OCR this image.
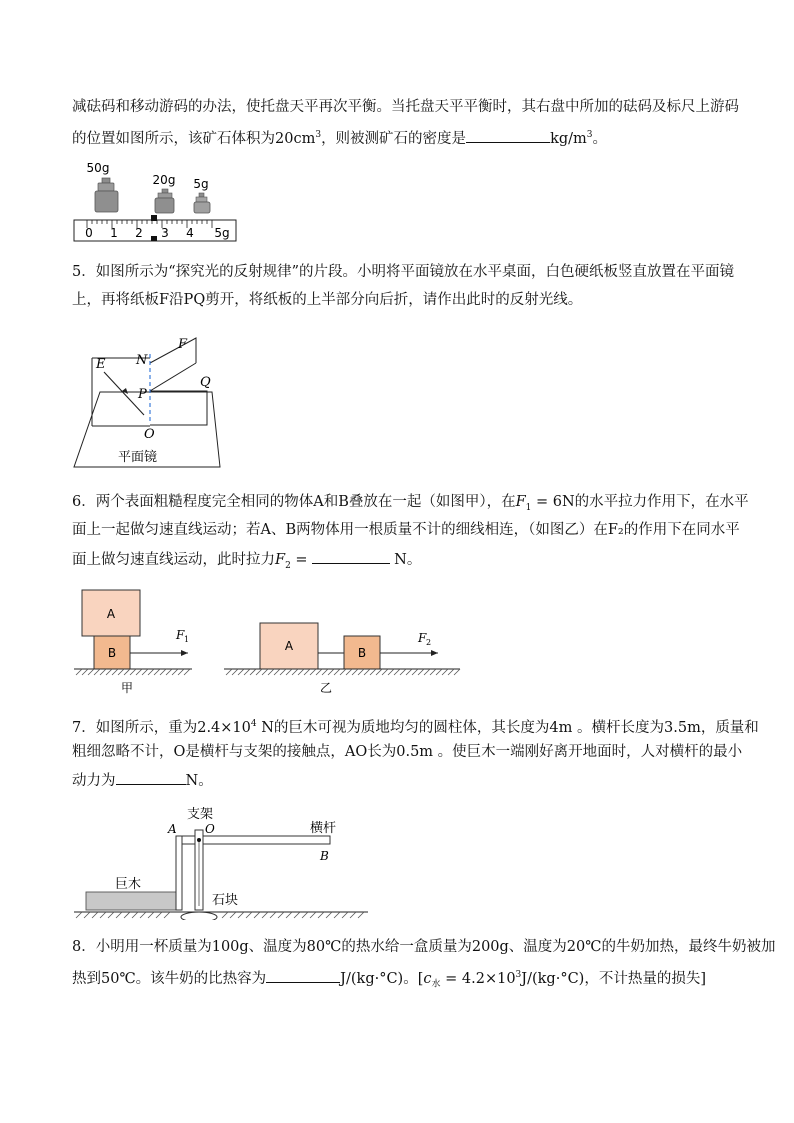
减砝码和移动游码的办法，使托盘天平再次平衡。当托盘天平平衡时，其右盘中所加的砝码及标尺上游码
的位置如图所示，该矿石体积为$20cm^3$，则被测矿石的密度是	$kg/m^3$。
50g
20g 5g
0 1 2 3 4 5g
5．如图所示为“探究光的反射规律”的片段。小明将平面镜放在水平桌面，白色硬纸板竖直放置在平面镜
上，再将纸板F沿PQ剪开，将纸板的上半部分向后折，请作出此时的反射光线。
E N
F
P
Q
O
平面镜
6．两个表面粗糙程度完全相同的物体A和B叠放在一起（如图甲），在$F_1 = 6N$的水平拉力作用下，在水平
面上一起做匀速直线运动；若A、B两物体用一根质量不计的细线相连，（如图乙）在F₂的作用下在同水平
面上做匀速直线运动，此时拉力$F_2$ =	N。
A
B
F 1
甲
A	B
F 2
乙
7．如图所示，重为$2.4\times 10^4$ N的巨木可视为质地均匀的圆柱体，其长度为4m 。横杆长度为3.5m，质量和
粗细忽略不计，O是横杆与支架的接触点，AO长为0.5m 。使巨木一端刚好离开地面时，人对横杆的最小
动力为	N。
巨木
支架
A O	横杆
B
石块
8．小明用一杯质量为100g、温度为80℃的热水给一盒质量为200g、温度为20℃的牛奶加热，最终牛奶被加
热到50℃。该牛奶的比热容为	J/(kg·°C)。[$c_水 = 4.2\times 10^3J/(kg\cdot^\circ C)$，不计热量的损失]
